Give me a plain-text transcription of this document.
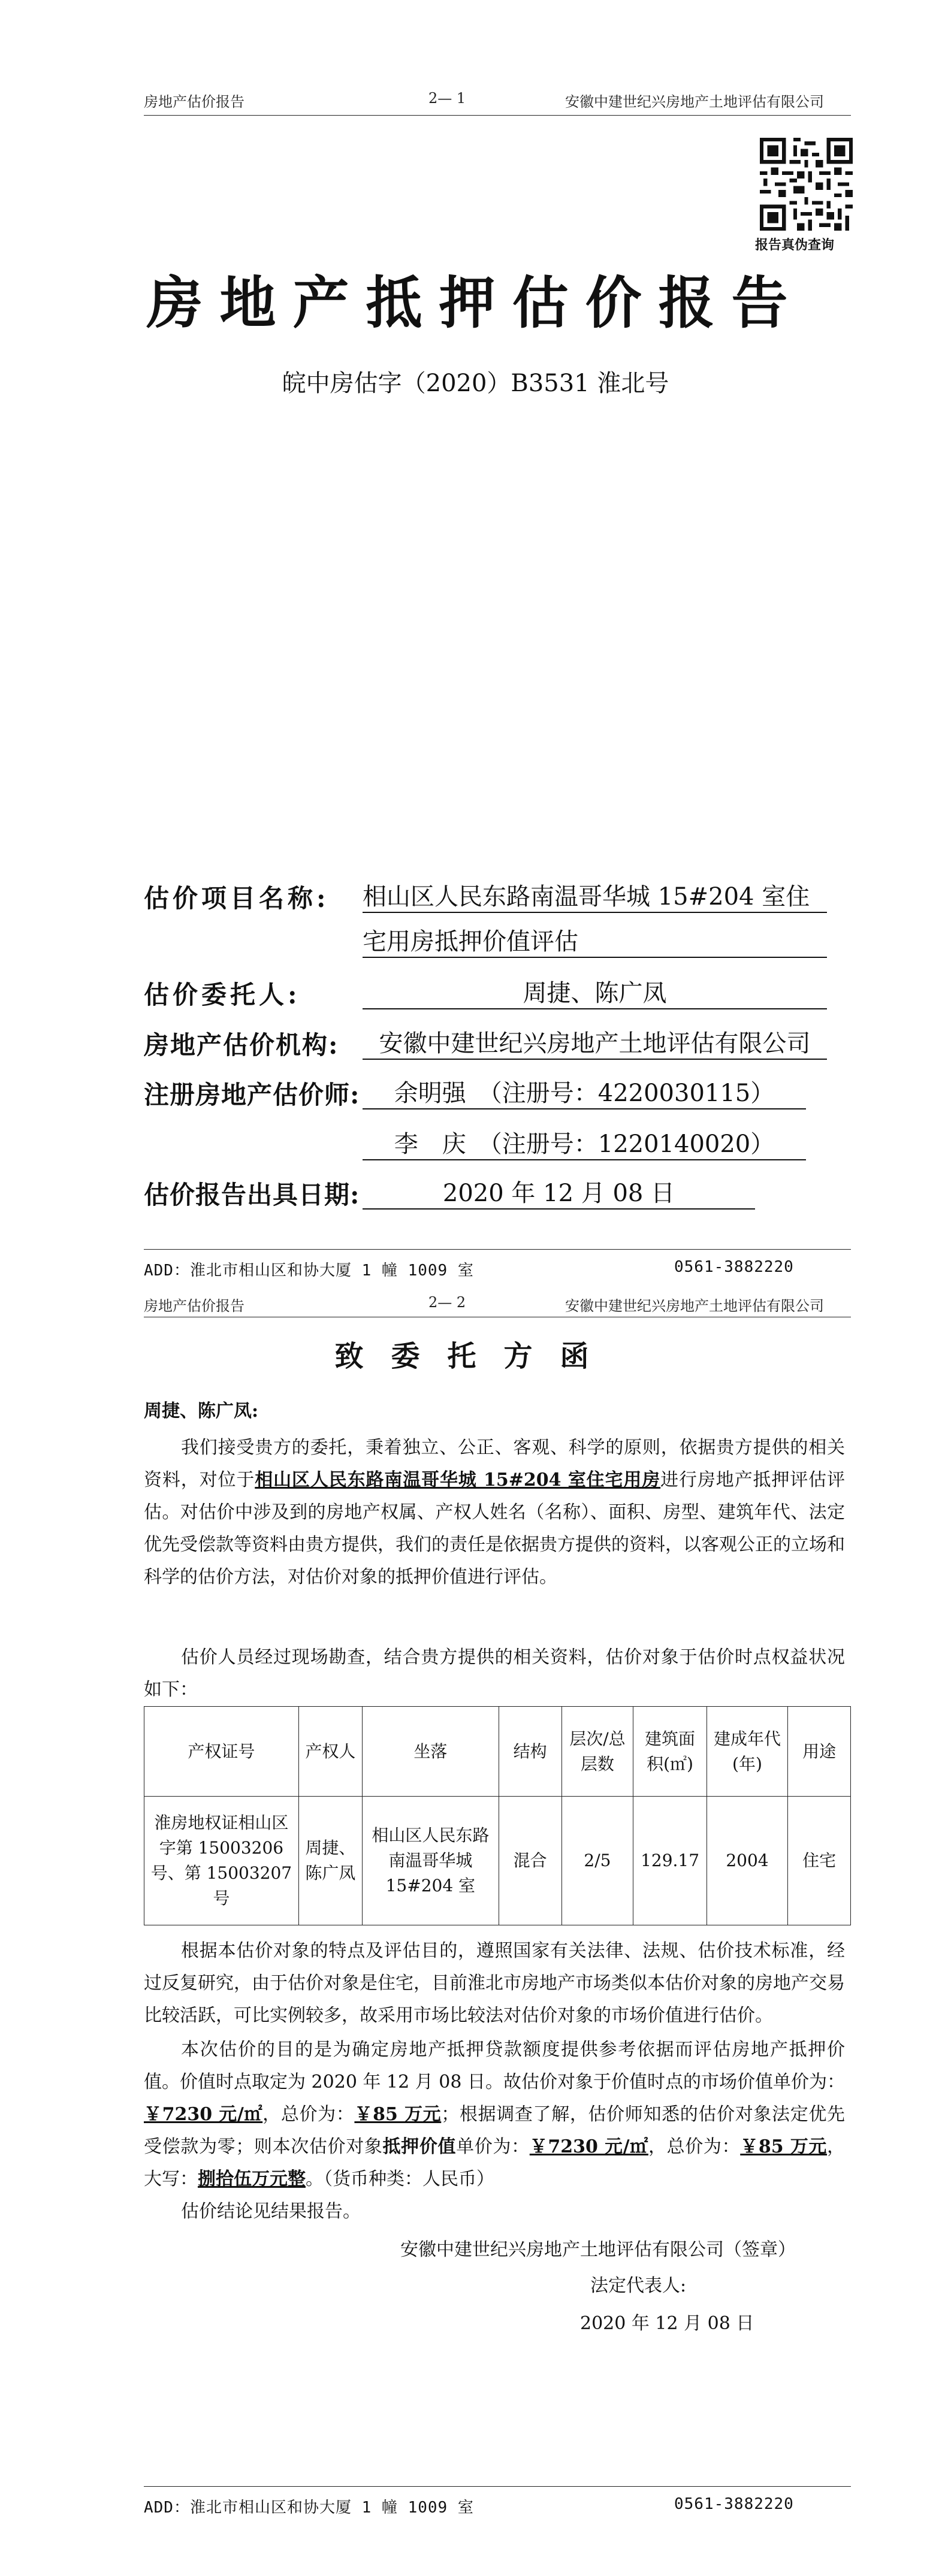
房地产估价报告	2— 1	安徽中建世纪兴房地产土地评估有限公司
报告真伪查询
房地产抵押估价报告
皖中房估字（2020）B3531 淮北号
估价项目名称: 相山区人民东路南温哥华城 15#204 室住
宅用房抵押价值评估
估价委托人:	周捷、陈广凤
房地产估价机构:	安徽中建世纪兴房地产土地评估有限公司
注册房地产估价师:	余明强　（注册号：4220030115）
李　庆　（注册号：1220140020）
估价报告出具日期:	2020 年 12 月 08 日
ADD：淮北市相山区和协大厦 1 幢 1009 室	0561-3882220
房地产估价报告	2— 2	安徽中建世纪兴房地产土地评估有限公司
致委托方函
周捷、陈广凤:

我们接受贵方的委托，秉着独立、公正、客观、科学的原则，依据贵方提供的相关资料，对位于相山区人民东路南温哥华城 15#204 室住宅用房进行房地产抵押评估评估。对估价中涉及到的房地产权属、产权人姓名（名称）、面积、房型、建筑年代、法定优先受偿款等资料由贵方提供，我们的责任是依据贵方提供的资料，以客观公正的立场和科学的估价方法，对估价对象的抵押价值进行评估。

估价人员经过现场勘查，结合贵方提供的相关资料，估价对象于估价时点权益状况如下：

产权证号	产权人	坐落	结构	层次/总层数	建筑面积(㎡)	建成年代(年)	用途
淮房地权证相山区字第 15003206 号、第 15003207 号	周捷、陈广凤	相山区人民东路南温哥华城 15#204 室	混合	2/5	129.17	2004	住宅

根据本估价对象的特点及评估目的，遵照国家有关法律、法规、估价技术标准，经过反复研究，由于估价对象是住宅，目前淮北市房地产市场类似本估价对象的房地产交易比较活跃，可比实例较多，故采用市场比较法对估价对象的市场价值进行估价。

本次估价的目的是为确定房地产抵押贷款额度提供参考依据而评估房地产抵押价值。价值时点取定为 2020 年 12 月 08 日。故估价对象于价值时点的市场价值单价为：￥7230 元/㎡，总价为：￥85 万元；根据调查了解，估价师知悉的估价对象法定优先受偿款为零；则本次估价对象抵押价值单价为：￥7230 元/㎡，总价为：￥85 万元，大写：捌拾伍万元整。（货币种类：人民币）

估价结论见结果报告。

安徽中建世纪兴房地产土地评估有限公司（签章）
法定代表人:
2020 年 12 月 08 日
ADD：淮北市相山区和协大厦 1 幢 1009 室	0561-3882220
